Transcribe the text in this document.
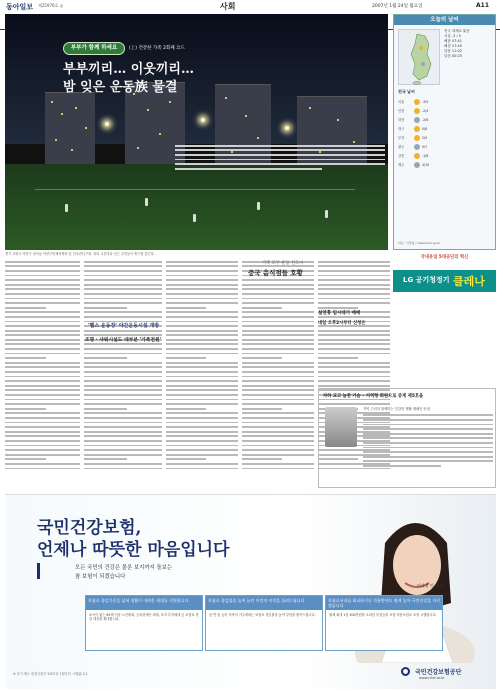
동아일보 제25976호 ◎	사회	2007년 1월 24일 월요일	A11
부부가 함께 하세요	(上) 건강한 가족 2회째 코드
부부끼리… 이웃끼리…
밤 잊은 운동族 물결
경기 고양시 덕양구 성사동 덕양구민체육센터 앞 인조잔디구장. 저녁 시간마다 인근 주민들이 축구를 즐긴다.
오늘의 날씨
전국 대체로 맑음
서울 -3 / 5
해뜸 07:41
해짐 17:45
달뜸 11:02
달짐 00:25
전국 날씨
서울	-3/5
인천	-2/4
대전	-2/6
대구	0/8
부산	2/9
광주	0/7
강릉	-1/6
제주	4/10
자료: 기상청 / www.kma.go.kr
'헬스 운동장' 야간운동시설 개방
조명 · 샤워시설도 대부분 '가족전원'
가족 모두 운동 신도시
중국 음식점들 호황
국내유일 5대공단의 혁신
LG 공기청정기 클레나
설연휴 임시대기 매매
내일 오후2시부터 신청은
자하 교고 늘찬 가슴 – 지역형 회원으로 중계 제5호을
지역 주민과 함께하는 건강한 생활 캠페인 안내
국민건강보험,
언제나 따뜻한 마음입니다
모든 국민의 건강은 물론 보지까지 돌보는
참 보험이 되겠습니다
이사장 이 재 용
보험료 경감기준을 넓혀 생활이 어려운 세대를 지원합니다
소득이 없는 65세 이상 노인세대, 등록장애인 세대, 모자·부자세대 등 보험료 경감 대상을 확대합니다.
보험료 경감률을 높여 늘린 이민의 이익을 돌려드립니다
읍·면 및 농어 지역의 거주세대는 보험료 경감률을 높여 부담을 줄여드립니다.
보험료부과를 회피하거나 적용받아도 쉽게 높아 국민건강을 지키겠습니다
월세 최대 1천 500만원을 초과한 부담능력 보험 적용보험료 조정 시행합니다.
※ 상기 제도 변경사항은 2007년 1월부터 시행됩니다.	국민건강보험공단
www.nhic.or.kr
